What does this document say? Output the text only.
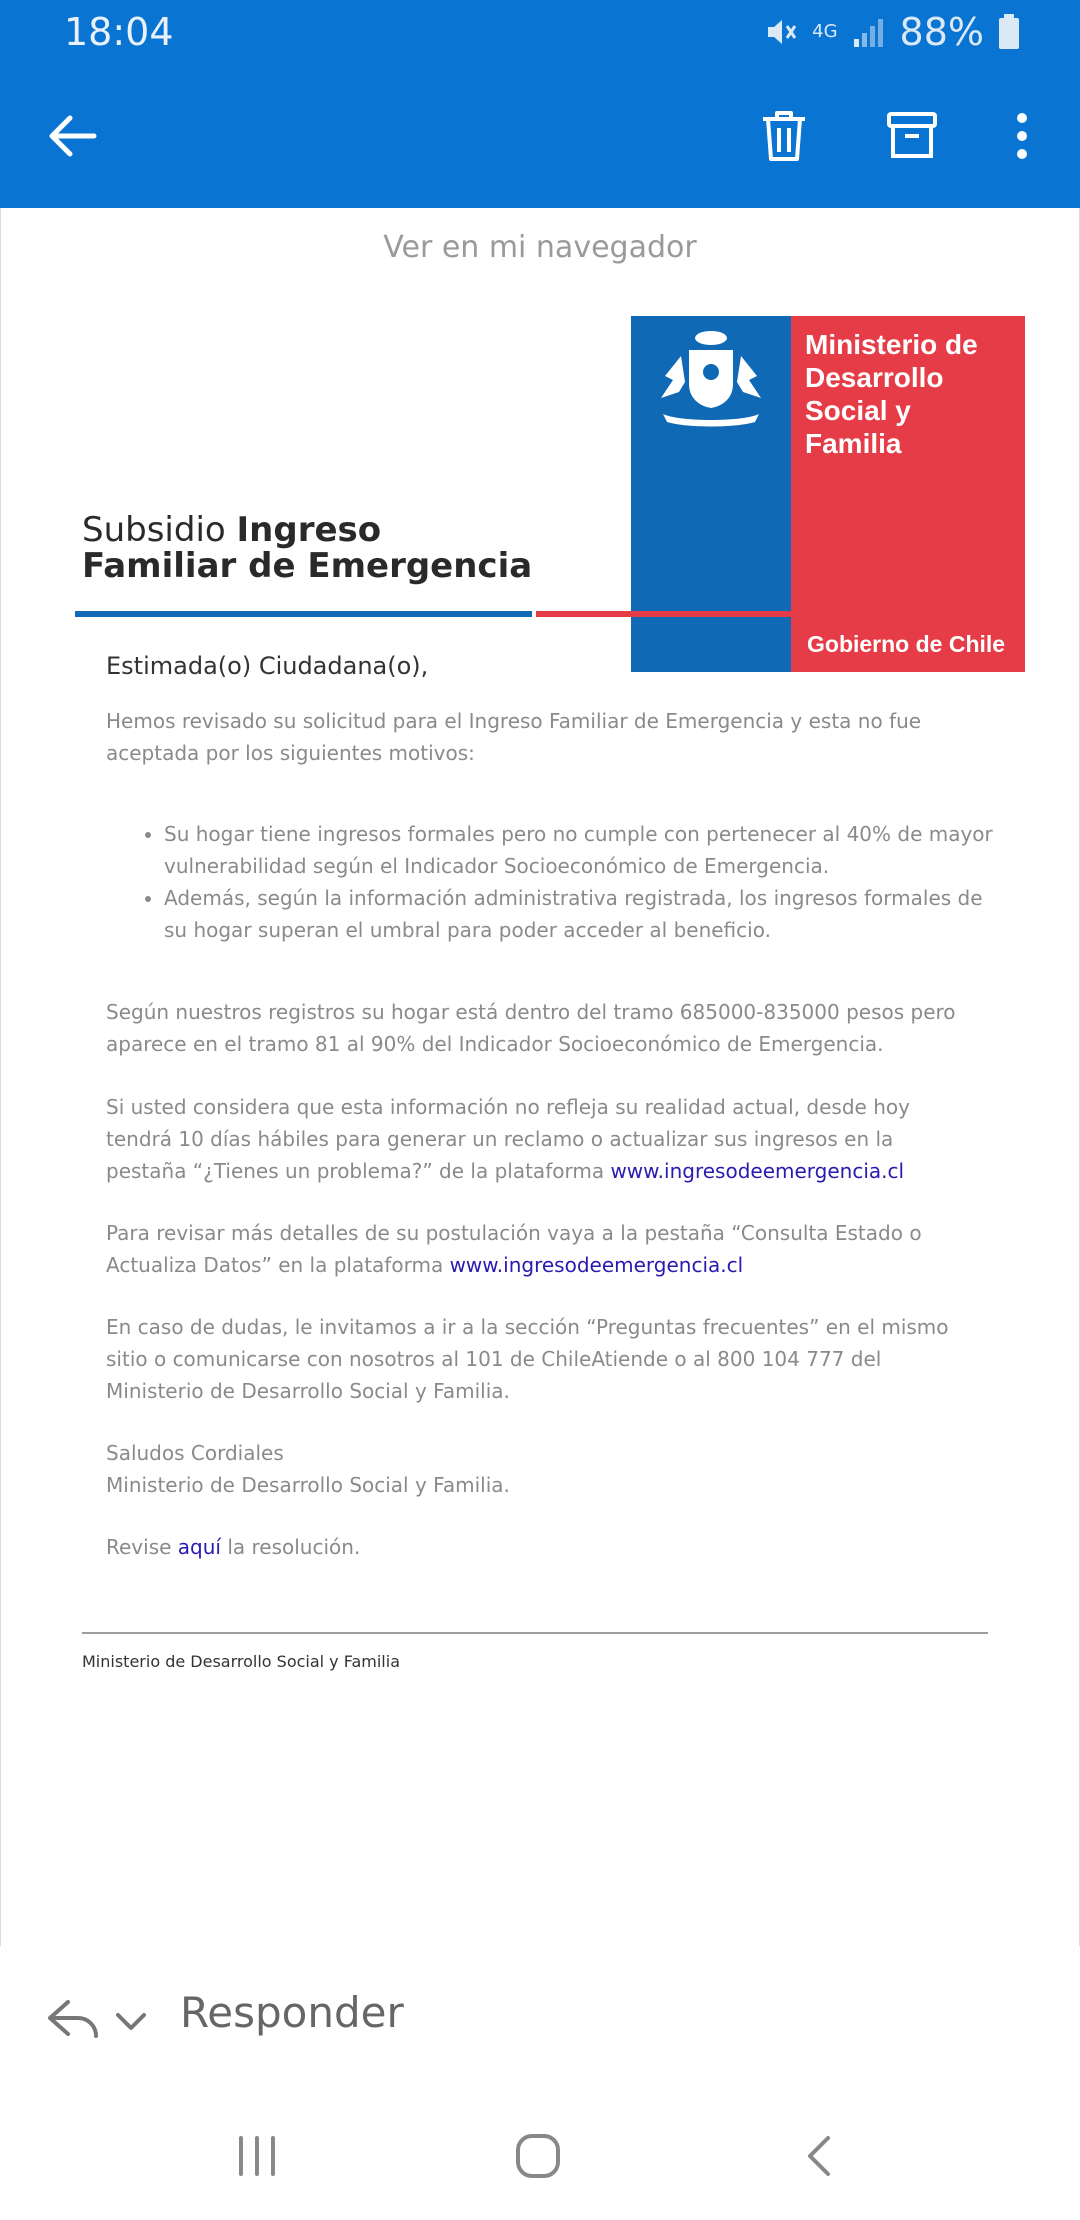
18:04	4G 88%
Ver en mi navegador
Ministerio de
Desarrollo
Social y
Familia
Gobierno de Chile
Subsidio Ingreso
Familiar de Emergencia
Estimada(o) Ciudadana(o),
Hemos revisado su solicitud para el Ingreso Familiar de Emergencia y esta no fue aceptada por los siguientes motivos:
• Su hogar tiene ingresos formales pero no cumple con pertenecer al 40% de mayor vulnerabilidad según el Indicador Socioeconómico de Emergencia.
• Además, según la información administrativa registrada, los ingresos formales de su hogar superan el umbral para poder acceder al beneficio.
Según nuestros registros su hogar está dentro del tramo 685000-835000 pesos pero aparece en el tramo 81 al 90% del Indicador Socioeconómico de Emergencia.
Si usted considera que esta información no refleja su realidad actual, desde hoy tendrá 10 días hábiles para generar un reclamo o actualizar sus ingresos en la pestaña “¿Tienes un problema?” de la plataforma www.ingresodeemergencia.cl
Para revisar más detalles de su postulación vaya a la pestaña “Consulta Estado o Actualiza Datos” en la plataforma www.ingresodeemergencia.cl
En caso de dudas, le invitamos a ir a la sección “Preguntas frecuentes” en el mismo sitio o comunicarse con nosotros al 101 de ChileAtiende o al 800 104 777 del Ministerio de Desarrollo Social y Familia.
Saludos Cordiales
Ministerio de Desarrollo Social y Familia.
Revise aquí la resolución.
Ministerio de Desarrollo Social y Familia
Responder
